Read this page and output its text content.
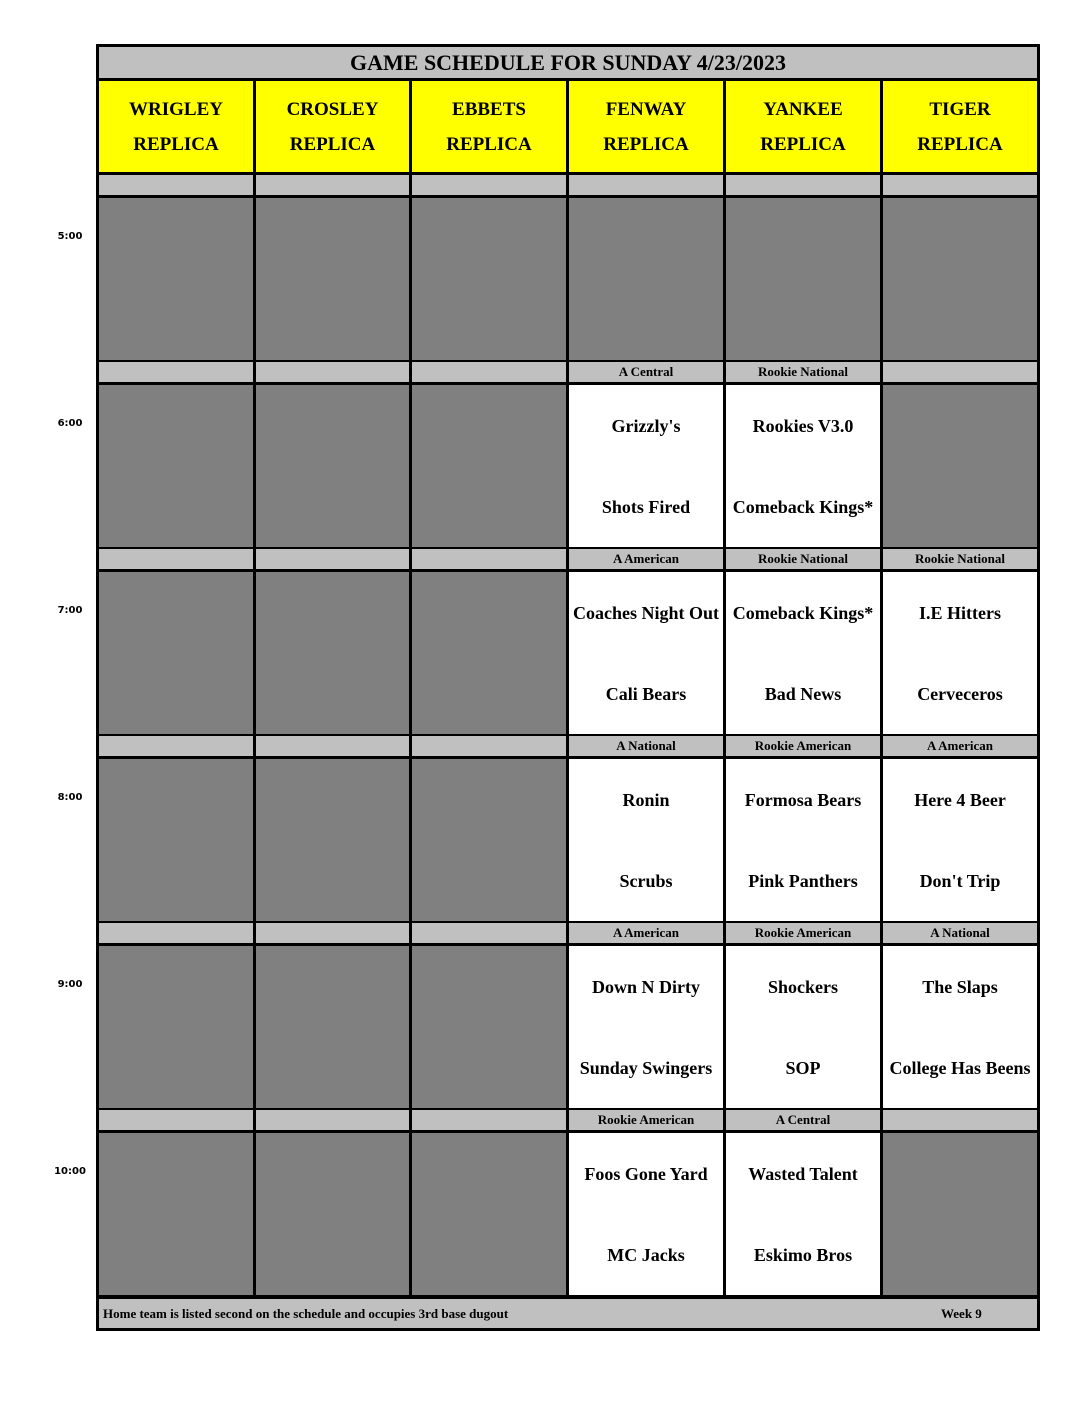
GAME SCHEDULE FOR SUNDAY 4/23/2023
Home team is listed second on the schedule and occupies 3rd base dugout	Week 9
WRIGLEY
REPLICA
CROSLEY
REPLICA
EBBETS
REPLICA
FENWAY
REPLICA
YANKEE
REPLICA
TIGER
REPLICA
A Central
Grizzly's
Shots Fired
Rookie National
Rookies V3.0
Comeback Kings*
A American
Coaches Night Out
Cali Bears
Rookie National
Comeback Kings*
Bad News
Rookie National
I.E Hitters
Cerveceros
A National
Ronin
Scrubs
Rookie American
Formosa Bears
Pink Panthers
A American
Here 4 Beer
Don't Trip
A American
Down N Dirty
Sunday Swingers
Rookie American
Shockers
SOP
A National
The Slaps
College Has Beens
Rookie American
Foos Gone Yard
MC Jacks
A Central
Wasted Talent
Eskimo Bros
5:00
6:00
7:00
8:00
9:00
10:00
